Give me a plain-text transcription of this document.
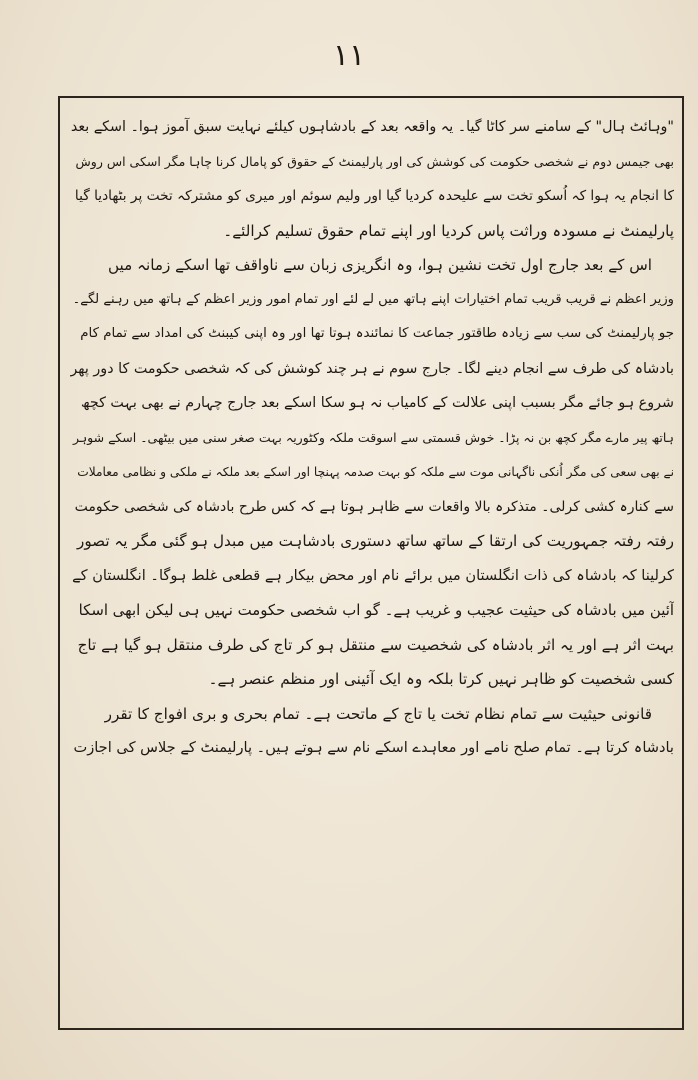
۱۱
"وہائٹ ہال" کے سامنے سر کاٹا گیا۔ یہ واقعہ بعد کے بادشاہوں کیلئے نہایت سبق آموز ہوا۔ اسکے بعد
بھی جیمس دوم نے شخصی حکومت کی کوشش کی اور پارلیمنٹ کے حقوق کو پامال کرنا چاہا مگر اسکی اس روش
کا انجام یہ ہوا کہ اُسکو تخت سے علیحدہ کردیا گیا اور ولیم سوئم اور میری کو مشترکہ تخت پر بٹھادیا گیا
پارلیمنٹ نے مسودہ وراثت پاس کردیا اور اپنے تمام حقوق تسلیم کرالئے۔
اس کے بعد جارج اول تخت نشین ہوا، وہ انگریزی زبان سے ناواقف تھا اسکے زمانہ میں
وزیر اعظم نے قریب قریب تمام اختیارات اپنے ہاتھ میں لے لئے اور تمام امور وزیر اعظم کے ہاتھ میں رہنے لگے۔
جو پارلیمنٹ کی سب سے زیادہ طاقتور جماعت کا نمائندہ ہوتا تھا اور وہ اپنی کیبنٹ کی امداد سے تمام کام
بادشاہ کی طرف سے انجام دینے لگا۔ جارج سوم نے ہر چند کوشش کی کہ شخصی حکومت کا دور پھر
شروع ہو جائے مگر بسبب اپنی علالت کے کامیاب نہ ہو سکا اسکے بعد جارج چہارم نے بھی بہت کچھ
ہاتھ پیر مارے مگر کچھ بن نہ پڑا۔ خوش قسمتی سے اسوقت ملکہ وکٹوریہ بہت صغر سنی میں بیٹھی۔ اسکے شوہر
نے بھی سعی کی مگر اُنکی ناگہانی موت سے ملکہ کو بہت صدمہ پہنچا اور اسکے بعد ملکہ نے ملکی و نظامی معاملات
سے کنارہ کشی کرلی۔ متذکرہ بالا واقعات سے ظاہر ہوتا ہے کہ کس طرح بادشاہ کی شخصی حکومت
رفتہ رفتہ جمہوریت کی ارتقا کے ساتھ ساتھ دستوری بادشاہت میں مبدل ہو گئی مگر یہ تصور
کرلینا کہ بادشاہ کی ذات انگلستان میں برائے نام اور محض بیکار ہے قطعی غلط ہوگا۔ انگلستان کے
آئین میں بادشاہ کی حیثیت عجیب و غریب ہے۔ گو اب شخصی حکومت نہیں ہی لیکن ابھی اسکا
بہت اثر ہے اور یہ اثر بادشاہ کی شخصیت سے منتقل ہو کر تاج کی طرف منتقل ہو گیا ہے تاج
کسی شخصیت کو ظاہر نہیں کرتا بلکہ وہ ایک آئینی اور منظم عنصر ہے۔
قانونی حیثیت سے تمام نظام تخت یا تاج کے ماتحت ہے۔ تمام بحری و بری افواج کا تقرر
بادشاہ کرتا ہے۔ تمام صلح نامے اور معاہدے اسکے نام سے ہوتے ہیں۔ پارلیمنٹ کے جلاس کی اجازت
